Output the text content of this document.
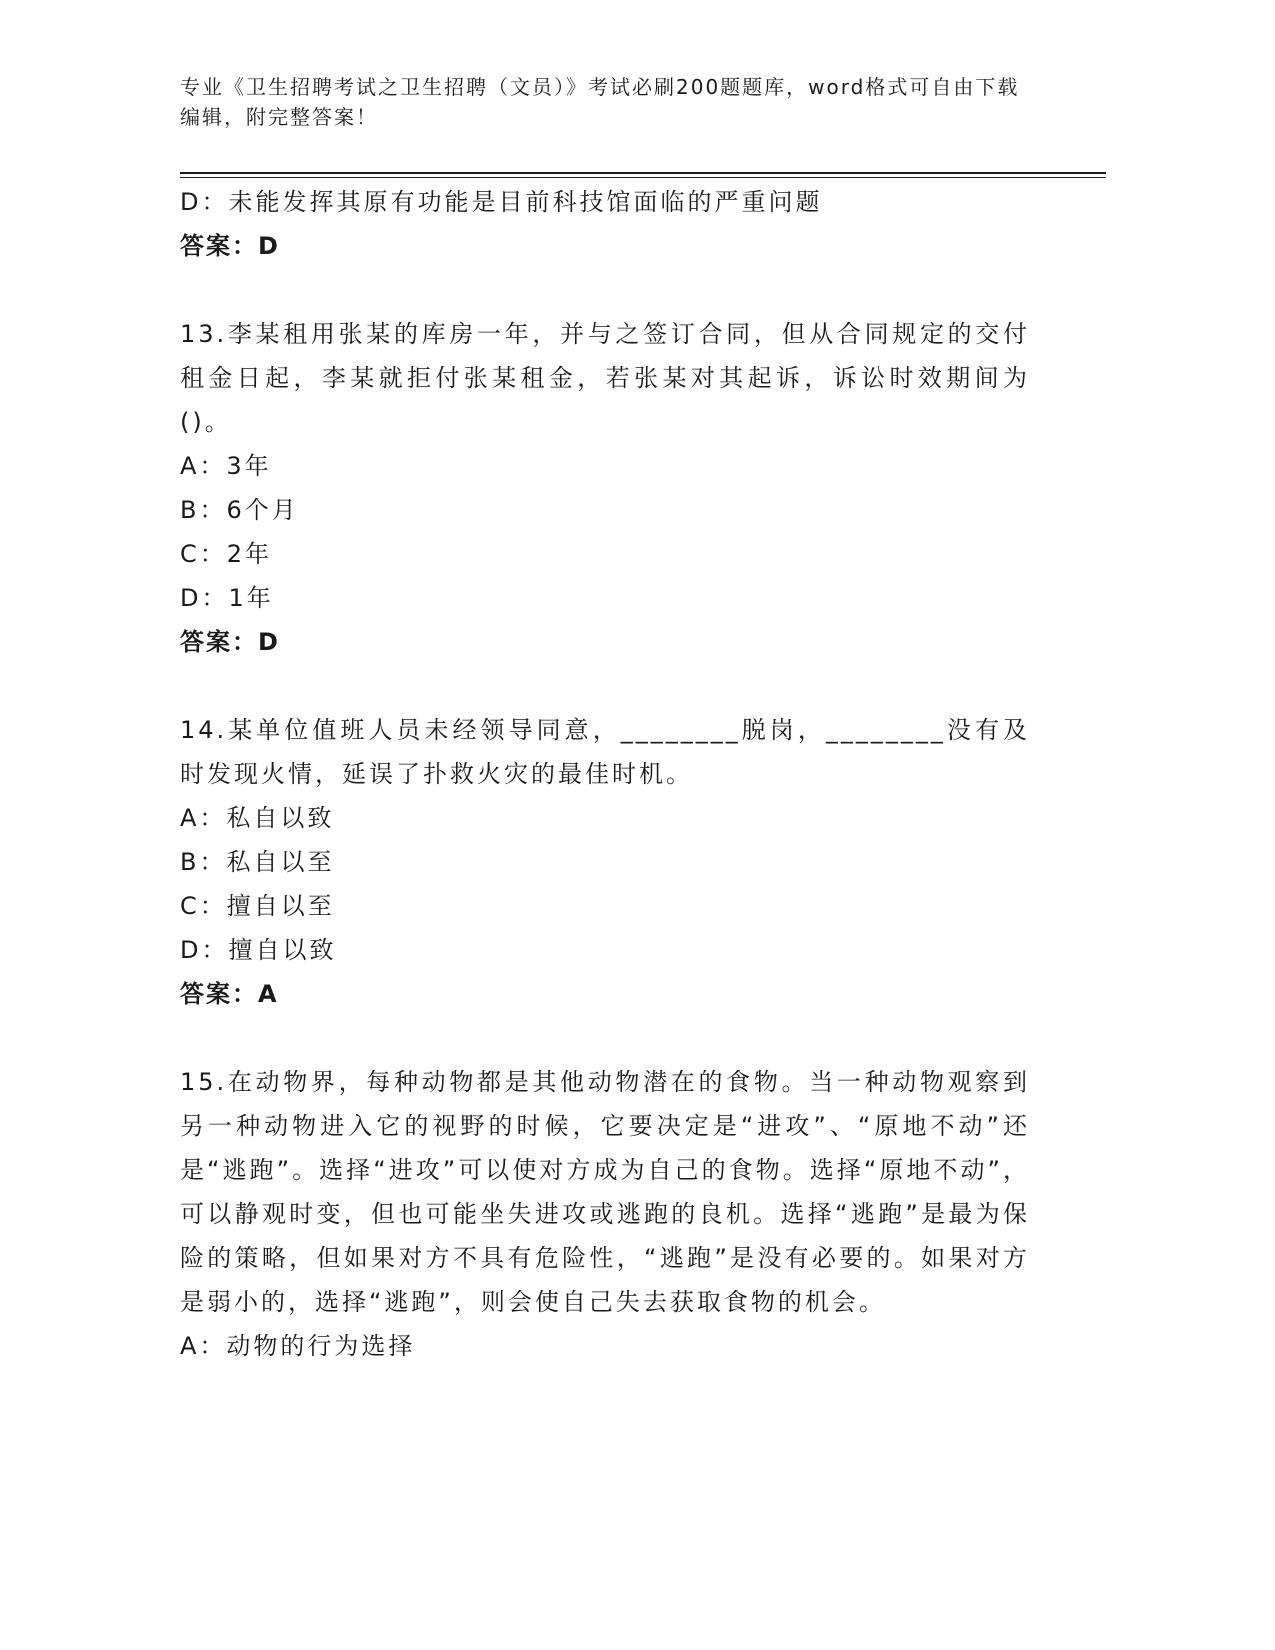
专业《卫生招聘考试之卫生招聘（文员）》考试必刷200题题库，word格式可自由下载编辑，附完整答案！
D：未能发挥其原有功能是目前科技馆面临的严重问题
答案：D
13.李某租用张某的库房一年，并与之签订合同，但从合同规定的交付租金日起，李某就拒付张某租金，若张某对其起诉，诉讼时效期间为()。
A：3年
B：6个月
C：2年
D：1年
答案：D
14.某单位值班人员未经领导同意，________脱岗，________没有及时发现火情，延误了扑救火灾的最佳时机。
A：私自以致
B：私自以至
C：擅自以至
D：擅自以致
答案：A
15.在动物界，每种动物都是其他动物潜在的食物。当一种动物观察到另一种动物进入它的视野的时候，它要决定是“进攻”、“原地不动”还是“逃跑”。选择“进攻”可以使对方成为自己的食物。选择“原地不动”，可以静观时变，但也可能坐失进攻或逃跑的良机。选择“逃跑”是最为保险的策略，但如果对方不具有危险性，“逃跑”是没有必要的。如果对方是弱小的，选择“逃跑”，则会使自己失去获取食物的机会。
A：动物的行为选择
